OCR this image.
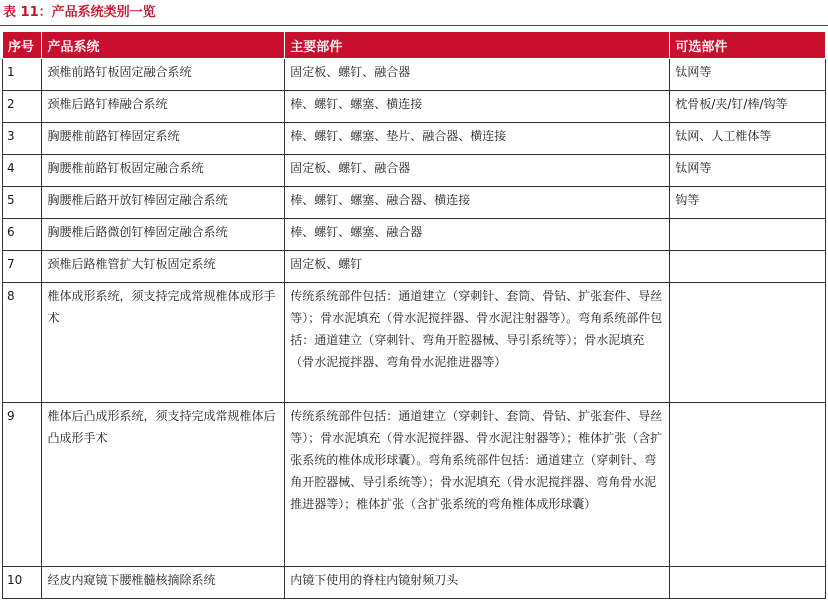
表 11：产品系统类别一览
序号	产品系统	主要部件	可选部件
1	颈椎前路钉板固定融合系统	固定板、螺钉、融合器	钛网等
2	颈椎后路钉棒融合系统	棒、螺钉、螺塞、横连接	枕骨板/夹/钉/棒/钩等
3	胸腰椎前路钉棒固定系统	棒、螺钉、螺塞、垫片、融合器、横连接	钛网、人工椎体等
4	胸腰椎前路钉板固定融合系统	固定板、螺钉、融合器	钛网等
5	胸腰椎后路开放钉棒固定融合系统	棒、螺钉、螺塞、融合器、横连接	钩等
6	胸腰椎后路微创钉棒固定融合系统	棒、螺钉、螺塞、融合器	
7	颈椎后路椎管扩大钉板固定系统	固定板、螺钉	
8	椎体成形系统，须支持完成常规椎体成形手术	传统系统部件包括：通道建立（穿刺针、套筒、骨钻、扩张套件、导丝等）；骨水泥填充（骨水泥搅拌器、骨水泥注射器等）。弯角系统部件包括：通道建立（穿刺针、弯角开腔器械、导引系统等）；骨水泥填充（骨水泥搅拌器、弯角骨水泥推进器等）	
9	椎体后凸成形系统，须支持完成常规椎体后凸成形手术	传统系统部件包括：通道建立（穿刺针、套筒、骨钻、扩张套件、导丝等）；骨水泥填充（骨水泥搅拌器、骨水泥注射器等）；椎体扩张（含扩张系统的椎体成形球囊）。弯角系统部件包括：通道建立（穿刺针、弯角开腔器械、导引系统等）；骨水泥填充（骨水泥搅拌器、弯角骨水泥推进器等）；椎体扩张（含扩张系统的弯角椎体成形球囊）	
10	经皮内窥镜下腰椎髓核摘除系统	内镜下使用的脊柱内镜射频刀头	
